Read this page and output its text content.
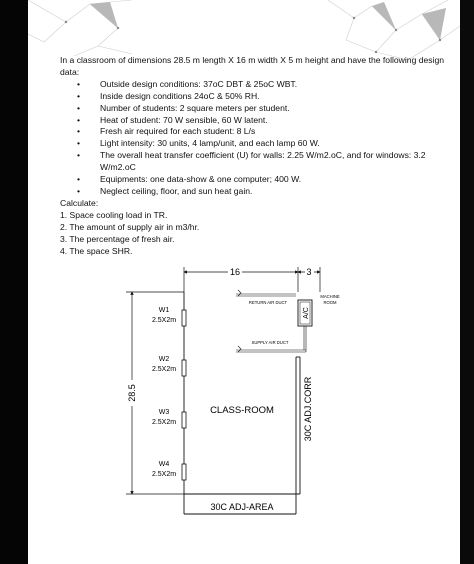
In a classroom of dimensions 28.5 m length X 16 m width X 5 m height and have the following design data:

• Outside design conditions: 37oC DBT & 25oC WBT.
• Inside design conditions 24oC & 50% RH.
• Number of students: 2 square meters per student.
• Heat of student: 70 W sensible, 60 W latent.
• Fresh air required for each student: 8 L/s
• Light intensity: 30 units, 4 lamp/unit, and each lamp 60 W.
• The overall heat transfer coefficient (U) for walls: 2.25 W/m2.oC, and for windows: 3.2 W/m2.oC
• Equipments: one data-show & one computer; 400 W.
• Neglect ceiling, floor, and sun heat gain.

Calculate:

1. Space cooling load in TR.
2. The amount of supply air in m3/hr.
3. The percentage of fresh air.
4. The space SHR.
16	3
28.5
W1
2.5X2m
W2
2.5X2m
W3
2.5X2m
W4
2.5X2m
RETURN AIR DUCT
SUPPLY AIR DUCT
A/C
MACHINE
ROOM
CLASS-ROOM	30C ADJ.CORR
30C ADJ-AREA
